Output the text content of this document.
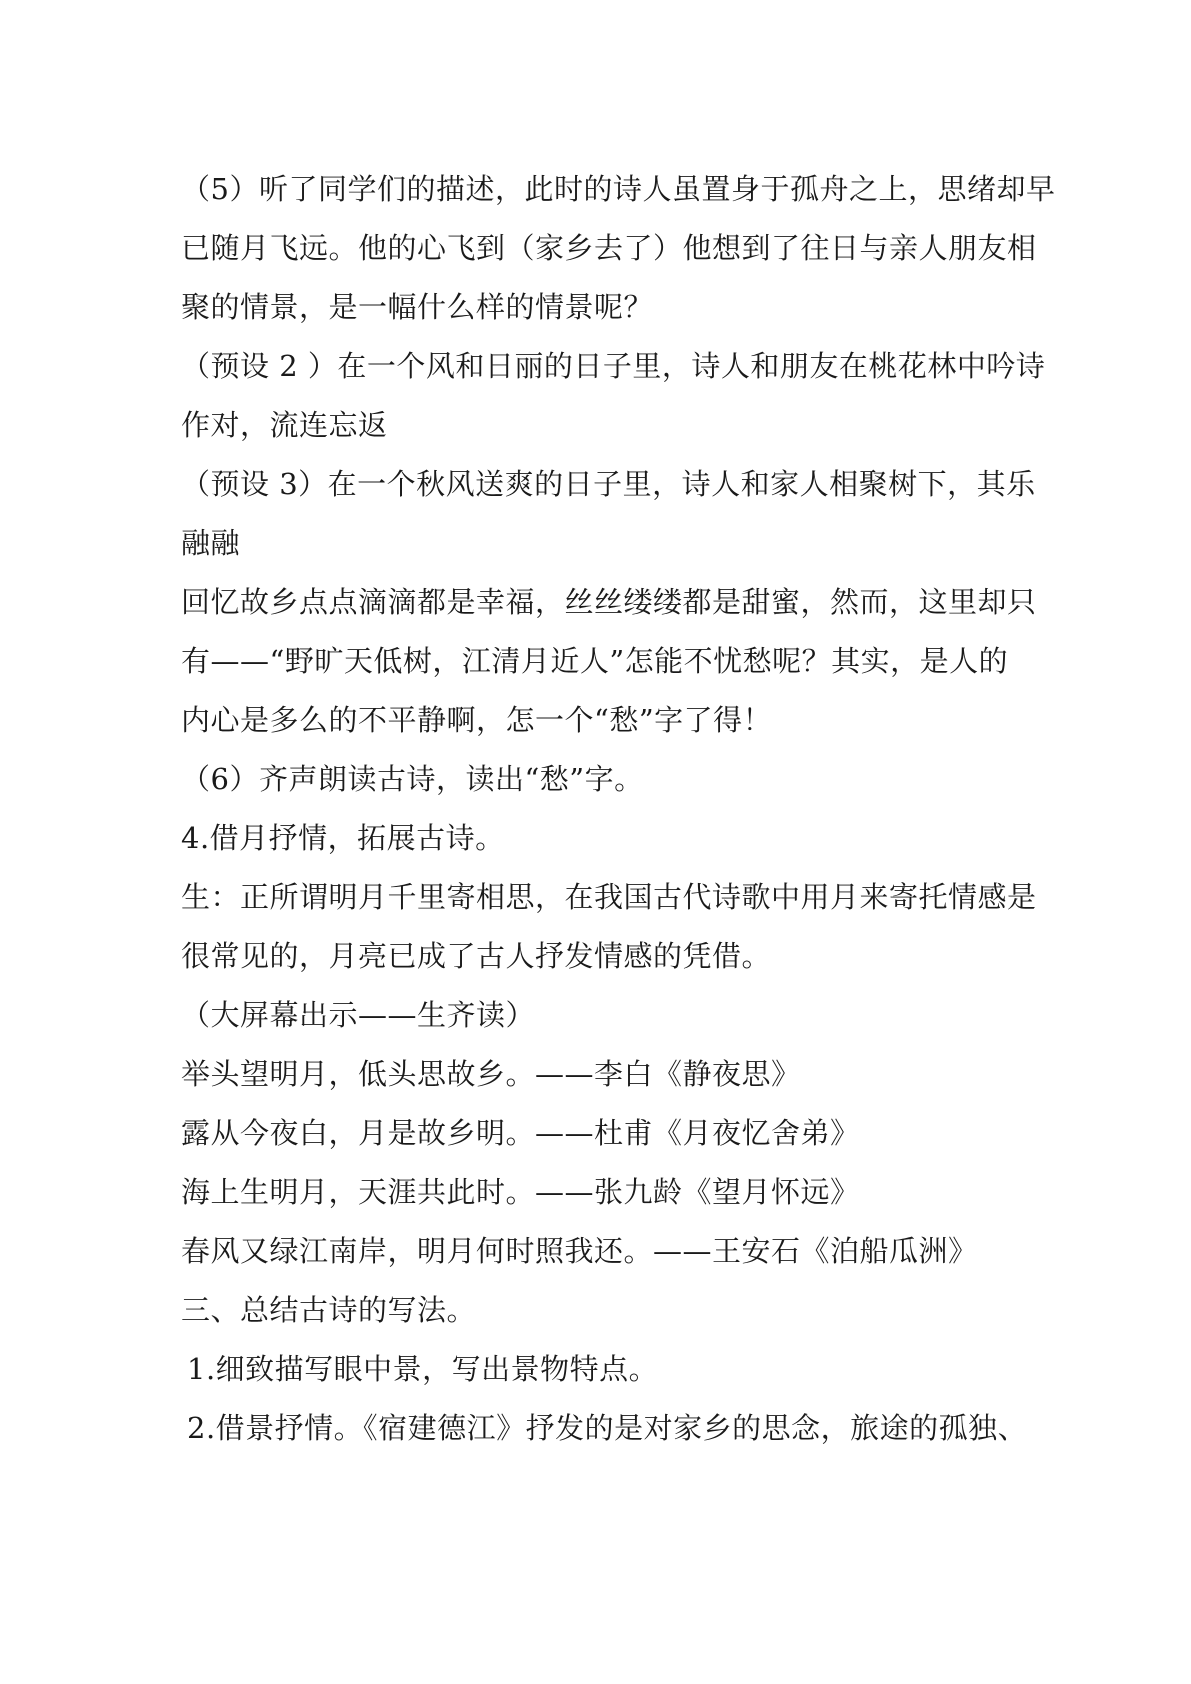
（5）听了同学们的描述，此时的诗人虽置身于孤舟之上，思绪却早

已随月飞远。他的心飞到（家乡去了）他想到了往日与亲人朋友相

聚的情景，是一幅什么样的情景呢？

（预设 2 ）在一个风和日丽的日子里，诗人和朋友在桃花林中吟诗

作对，流连忘返

（预设 3）在一个秋风送爽的日子里，诗人和家人相聚树下，其乐

融融

回忆故乡点点滴滴都是幸福，丝丝缕缕都是甜蜜，然而，这里却只

有——“野旷天低树，江清月近人”怎能不忧愁呢？其实，是人的

内心是多么的不平静啊，怎一个“愁”字了得！

（6）齐声朗读古诗，读出“愁”字。

4.借月抒情，拓展古诗。

生：正所谓明月千里寄相思，在我国古代诗歌中用月来寄托情感是

很常见的，月亮已成了古人抒发情感的凭借。

（大屏幕出示——生齐读）

举头望明月，低头思故乡。——李白《静夜思》

露从今夜白，月是故乡明。——杜甫《月夜忆舍弟》

海上生明月，天涯共此时。——张九龄《望月怀远》

春风又绿江南岸，明月何时照我还。——王安石《泊船瓜洲》

三、总结古诗的写法。

1.细致描写眼中景，写出景物特点。

2.借景抒情。《宿建德江》抒发的是对家乡的思念，旅途的孤独、
